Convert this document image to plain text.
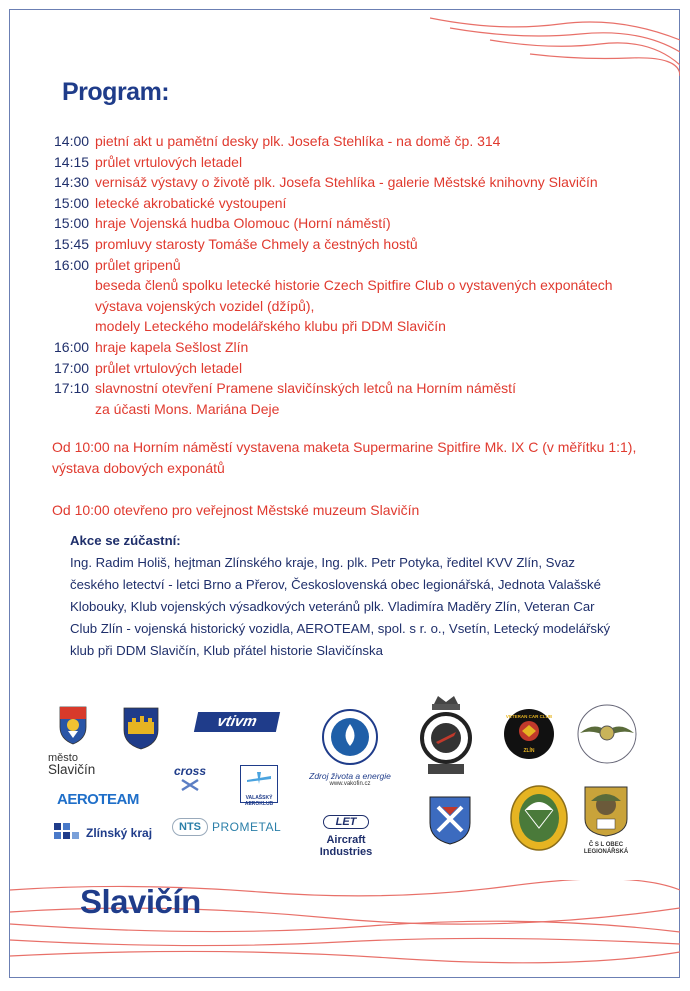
Program:
14:00 pietní akt u pamětní desky plk. Josefa Stehlíka - na domě čp. 314
14:15 průlet vrtulových letadel
14:30 vernisáž výstavy o životě plk. Josefa Stehlíka - galerie Městské knihovny Slavičín
15:00 letecké akrobatické vystoupení
15:00 hraje Vojenská hudba Olomouc (Horní náměstí)
15:45 promluvy starosty Tomáše Chmely a čestných hostů
16:00 průlet gripenů
beseda členů spolku letecké historie Czech Spitfire Club o vystavených exponátech
výstava vojenských vozidel (džípů),
modely Leteckého modelářského klubu při DDM Slavičín
16:00 hraje kapela Sešlost Zlín
17:00 průlet vrtulových letadel
17:10 slavnostní otevření Pramene slavičínských letců na Horním náměstí
za účasti Mons. Mariána Deje
Od 10:00 na Horním náměstí vystavena maketa Supermarine Spitfire Mk. IX C (v měřítku 1:1),
výstava dobových exponátů
Od 10:00 otevřeno pro veřejnost Městské muzeum Slavičín
Akce se zúčastní:
Ing. Radim Holiš, hejtman Zlínského kraje, Ing. plk. Petr Potyka, ředitel KVV Zlín, Svaz
českého letectví - letci Brno a Přerov, Československá obec legionářská, Jednota Valašské
Klobouky, Klub vojenských výsadkových veteránů plk. Vladimíra Maděry Zlín, Veteran Car
Club Zlín - vojenská historický vozidla, AEROTEAM, spol. s r. o., Vsetín, Letecký modelářský
klub při DDM Slavičín, Klub přátel historie Slavičínska
město
Slavičín
vtivm
cross
VALAŠSKÝ AEROKLUB
AEROTEAM
Zlínský kraj	NTS PROMETAL
Zdroj života a energie
www.vakofin.cz
LET
Aircraft Industries
VETERAN CAR CLUB
ZLÍN
Č S L OBEC LEGIONÁŘSKÁ
Slavičín
